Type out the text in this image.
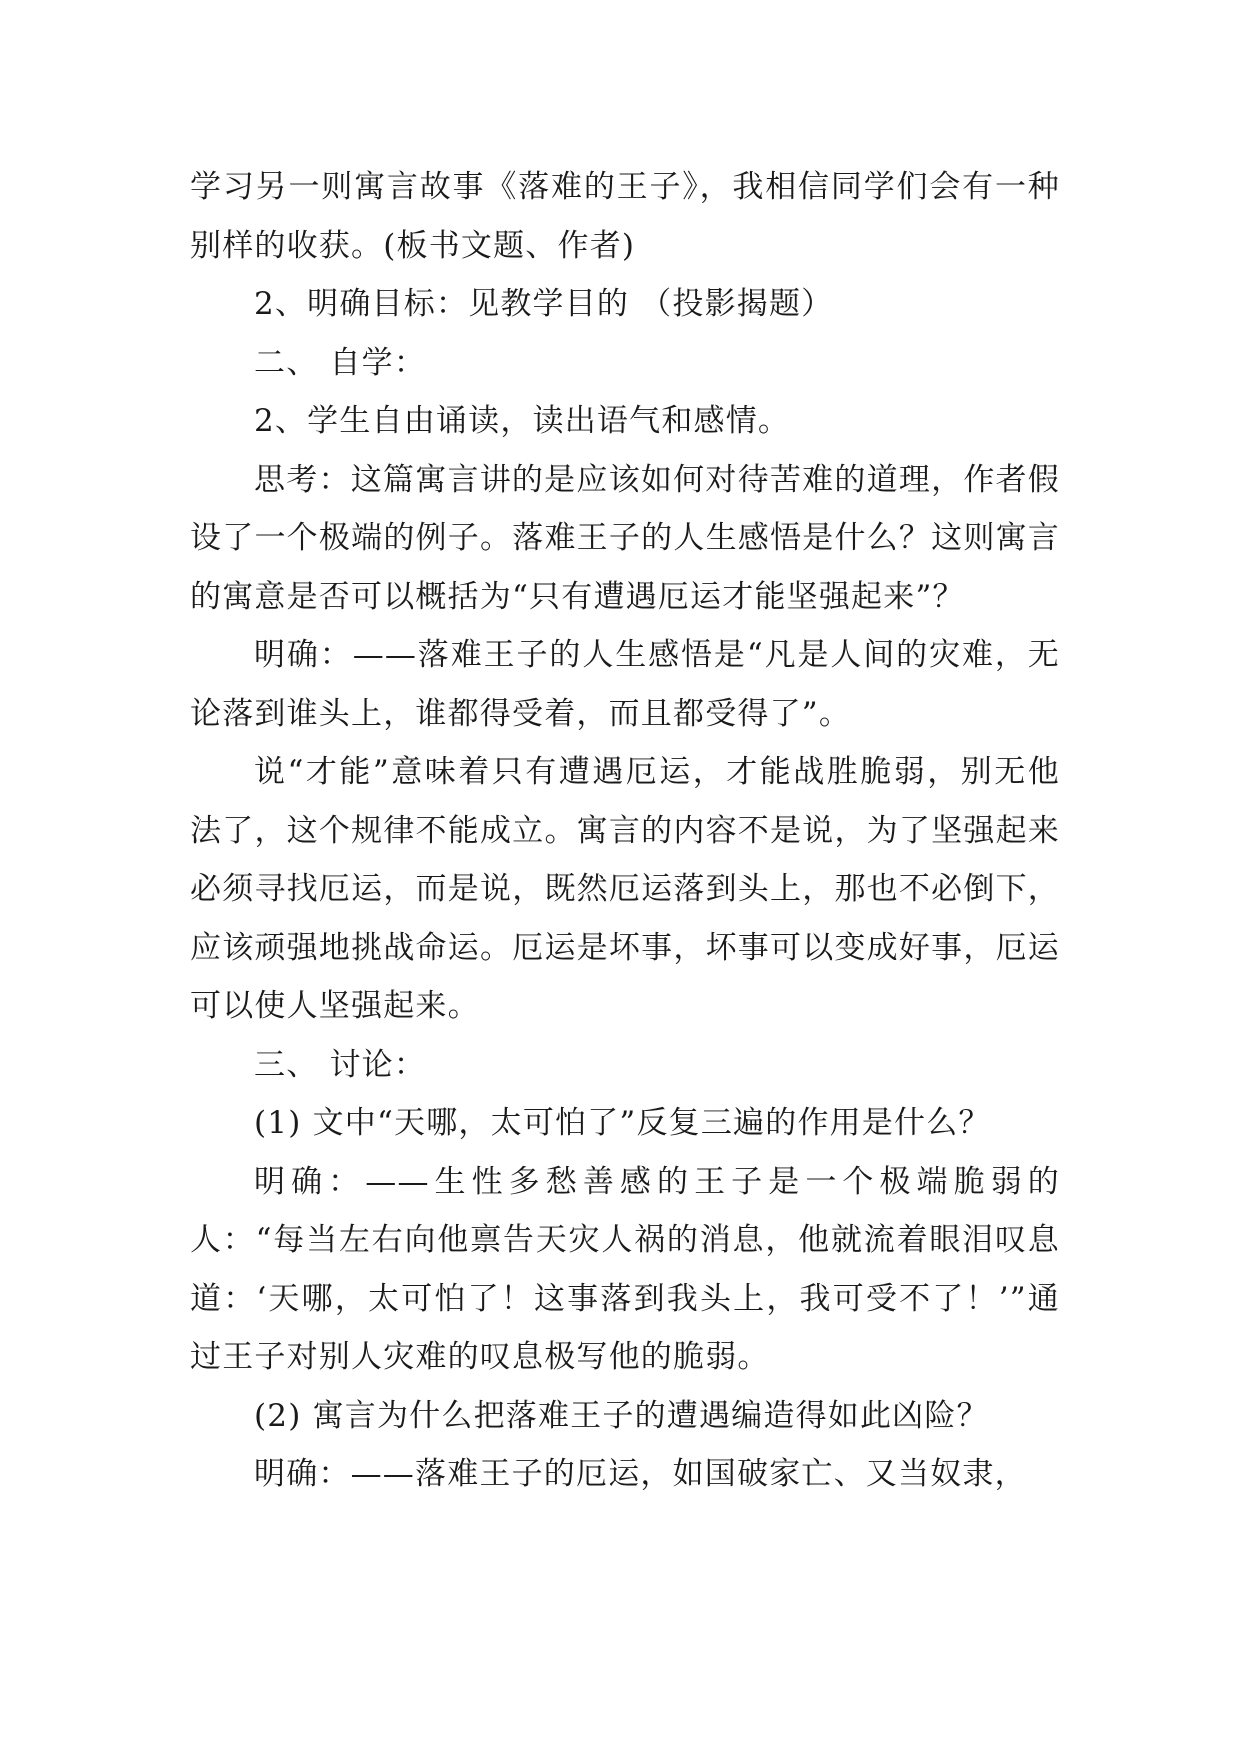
学习另一则寓言故事《落难的王子》，我相信同学们会有一种别样的收获。(板书文题、作者)

2、明确目标：见教学目的 （投影揭题）

二、 自学：

2、学生自由诵读，读出语气和感情。

思考：这篇寓言讲的是应该如何对待苦难的道理，作者假设了一个极端的例子。落难王子的人生感悟是什么？这则寓言的寓意是否可以概括为“只有遭遇厄运才能坚强起来”？

明确：——落难王子的人生感悟是“凡是人间的灾难，无论落到谁头上，谁都得受着，而且都受得了”。

说“才能”意味着只有遭遇厄运，才能战胜脆弱，别无他法了，这个规律不能成立。寓言的内容不是说，为了坚强起来必须寻找厄运，而是说，既然厄运落到头上，那也不必倒下，应该顽强地挑战命运。厄运是坏事，坏事可以变成好事，厄运可以使人坚强起来。

三、 讨论：

(1) 文中“天哪，太可怕了”反复三遍的作用是什么？

明确：——生性多愁善感的王子是一个极端脆弱的人：“每当左右向他禀告天灾人祸的消息，他就流着眼泪叹息道：‘天哪，太可怕了！这事落到我头上，我可受不了！’”通过王子对别人灾难的叹息极写他的脆弱。

(2) 寓言为什么把落难王子的遭遇编造得如此凶险？

明确：——落难王子的厄运，如国破家亡、又当奴隶，
